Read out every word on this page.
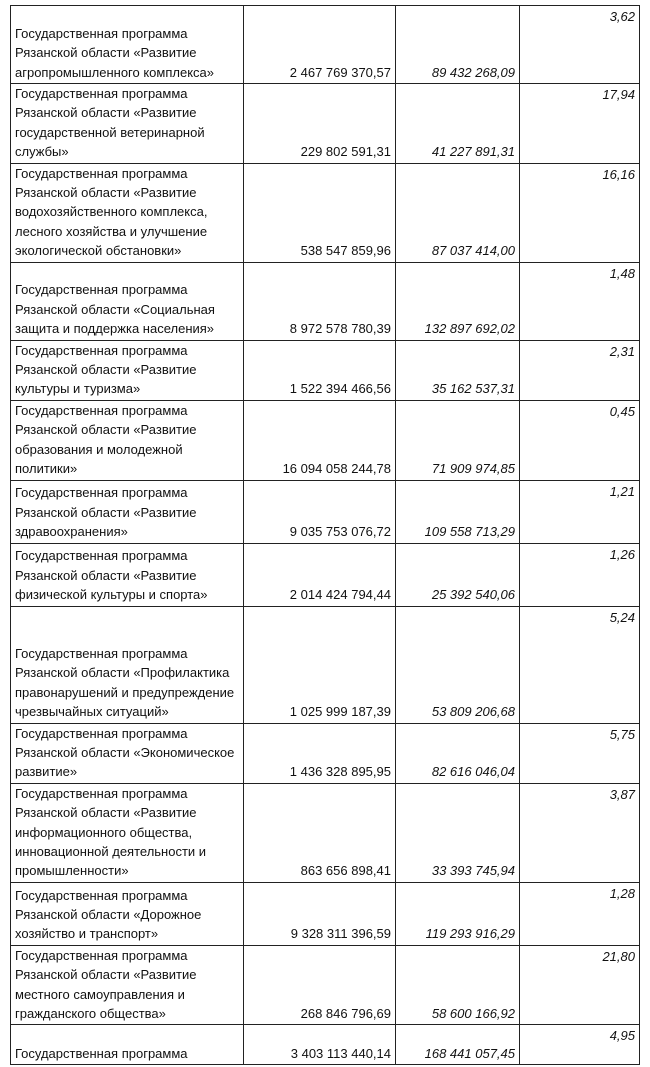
Государственная программа Рязанской области «Развитие агропромышленного комплекса»	2 467 769 370,57	89 432 268,09	3,62
Государственная программа Рязанской области «Развитие государственной ветеринарной службы»	229 802 591,31	41 227 891,31	17,94
Государственная программа Рязанской области «Развитие водохозяйственного комплекса, лесного хозяйства и улучшение экологической обстановки»	538 547 859,96	87 037 414,00	16,16
Государственная программа Рязанской области «Социальная защита и поддержка населения»	8 972 578 780,39	132 897 692,02	1,48
Государственная программа Рязанской области «Развитие культуры и туризма»	1 522 394 466,56	35 162 537,31	2,31
Государственная программа Рязанской области «Развитие образования и молодежной политики»	16 094 058 244,78	71 909 974,85	0,45
Государственная программа Рязанской области «Развитие здравоохранения»	9 035 753 076,72	109 558 713,29	1,21
Государственная программа Рязанской области «Развитие физической культуры и спорта»	2 014 424 794,44	25 392 540,06	1,26
Государственная программа Рязанской области «Профилактика правонарушений и предупреждение чрезвычайных ситуаций»	1 025 999 187,39	53 809 206,68	5,24
Государственная программа Рязанской области «Экономическое развитие»	1 436 328 895,95	82 616 046,04	5,75
Государственная программа Рязанской области «Развитие информационного общества, инновационной деятельности и промышленности»	863 656 898,41	33 393 745,94	3,87
Государственная программа Рязанской области «Дорожное хозяйство и транспорт»	9 328 311 396,59	119 293 916,29	1,28
Государственная программа Рязанской области «Развитие местного самоуправления и гражданского общества»	268 846 796,69	58 600 166,92	21,80
Государственная программа	3 403 113 440,14	168 441 057,45	4,95
